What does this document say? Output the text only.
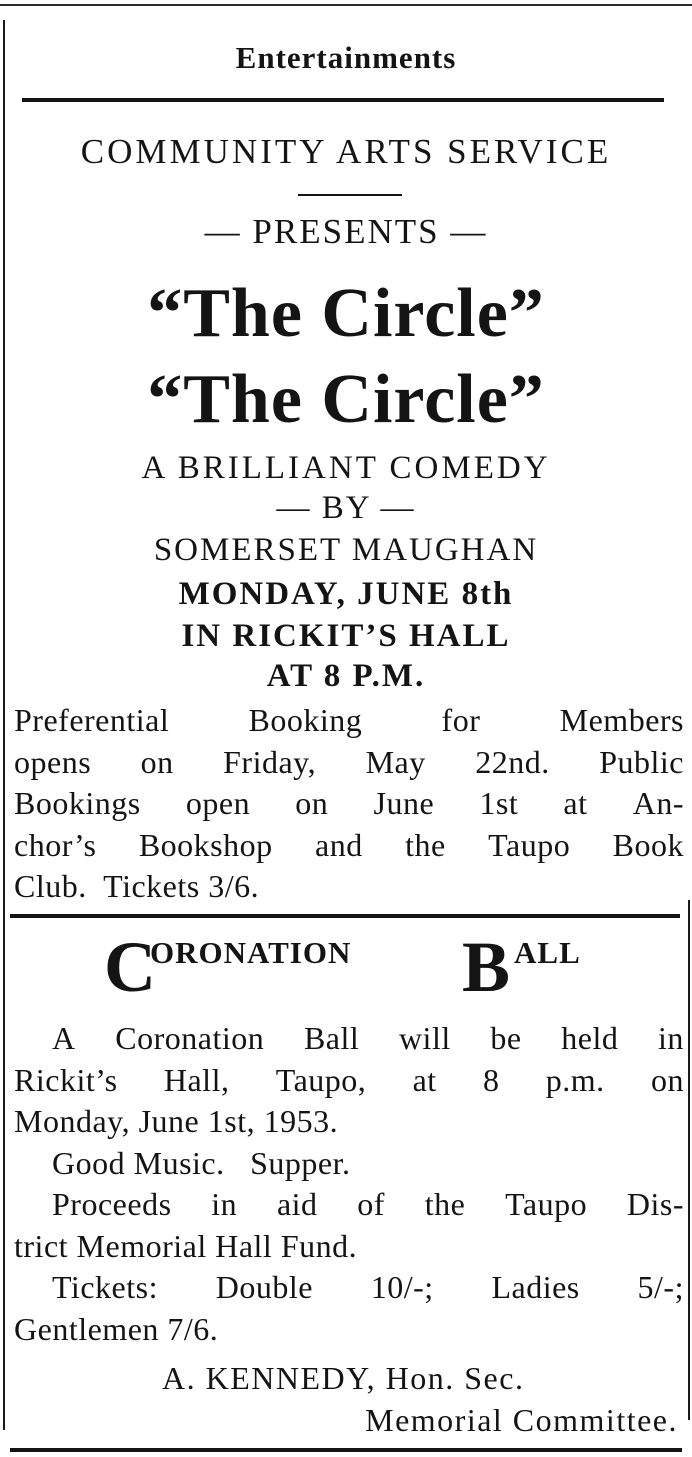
Entertainments
COMMUNITY ARTS SERVICE
— PRESENTS —
“The Circle”
“The Circle”
A BRILLIANT COMEDY
— BY —
SOMERSET MAUGHAN
MONDAY, JUNE 8th
IN RICKIT’S HALL
AT 8 P.M.
Preferential Booking for Members
opens on Friday, May 22nd. Public
Bookings open on June 1st at An-
chor’s Bookshop and the Taupo Book
Club.  Tickets 3/6.
C
ORONATION B ALL
A Coronation Ball will be held in
Rickit’s Hall, Taupo, at 8 p.m. on
Monday, June 1st, 1953.
Good Music.   Supper.
Proceeds in aid of the Taupo Dis-
trict Memorial Hall Fund.
Tickets: Double 10/-; Ladies 5/-;
Gentlemen 7/6.
A. KENNEDY, Hon. Sec.
Memorial Committee.
